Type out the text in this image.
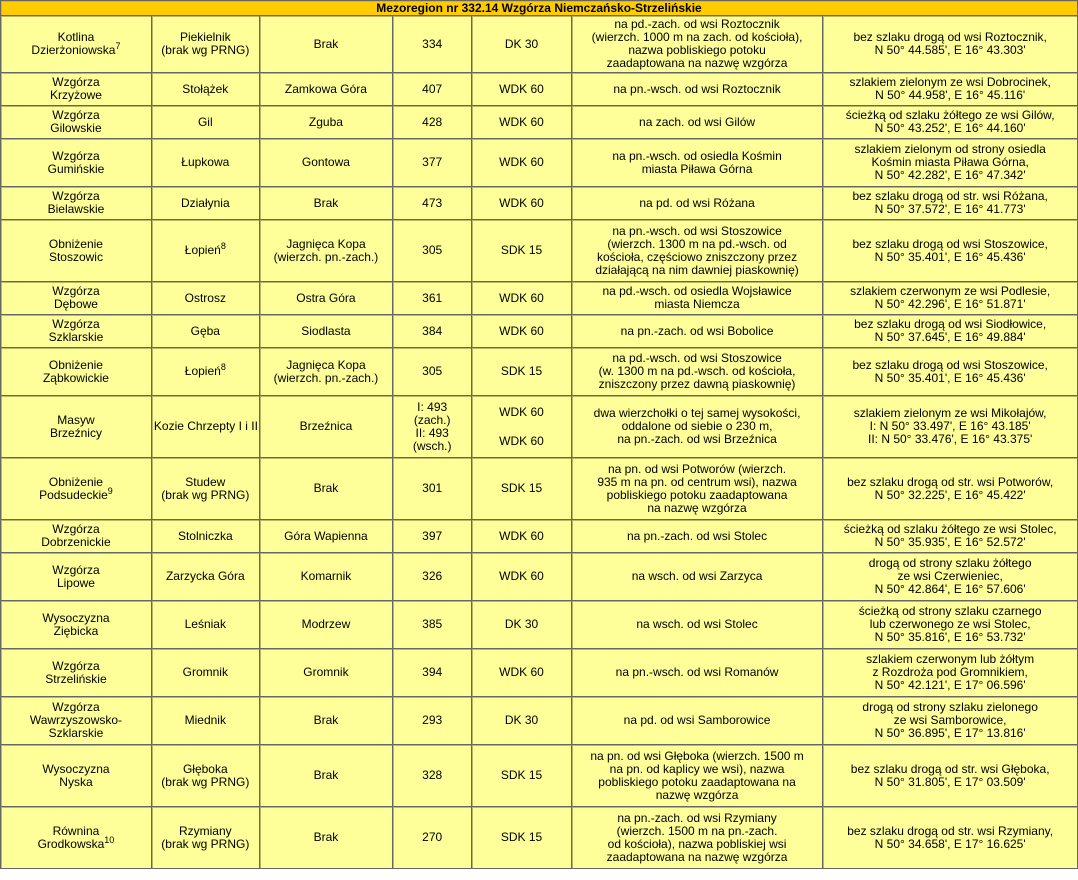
Mezoregion nr 332.14 Wzgórza Niemczańsko-Strzelińskie						

Kotlina
Dzierżoniowska$^7$	Piekielnik
(brak wg PRNG)	Brak	334	DK 30	na pd.-zach. od wsi Roztocznik
(wierzch. 1000 m na zach. od kościoła),
nazwa pobliskiego potoku
zaadaptowana na nazwę wzgórza	bez szlaku drogą od wsi Roztocznik,
N 50° 44.585', E 16° 43.303'

Wzgórza
Krzyżowe	Stołążek	Zamkowa Góra	407	WDK 60	na pn.-wsch. od wsi Roztocznik	szlakiem zielonym ze wsi Dobrocinek,
N 50° 44.958', E 16° 45.116'

Wzgórza
Gilowskie	Gil	Zguba	428	WDK 60	na zach. od wsi Gilów	ścieżką od szlaku żółtego ze wsi Gilów,
N 50° 43.252', E 16° 44.160'

Wzgórza
Gumińskie	Łupkowa	Gontowa	377	WDK 60	na pn.-wsch. od osiedla Kośmin
miasta Piława Górna	szlakiem zielonym od strony osiedla
Kośmin miasta Piława Górna,
N 50° 42.282', E 16° 47.342'

Wzgórza
Bielawskie	Działynia	Brak	473	WDK 60	na pd. od wsi Różana	bez szlaku drogą od str. wsi Różana,
N 50° 37.572', E 16° 41.773'

Obniżenie
Stoszowic	Łopień$^8$	Jagnięca Kopa
(wierzch. pn.-zach.)	305	SDK 15	na pn.-wsch. od wsi Stoszowice
(wierzch. 1300 m na pd.-wsch. od
kościoła, częściowo zniszczony przez
działającą na nim dawniej piaskownię)	bez szlaku drogą od wsi Stoszowice,
N 50° 35.401', E 16° 45.436'

Wzgórza
Dębowe	Ostrosz	Ostra Góra	361	WDK 60	na pd.-wsch. od osiedla Wojsławice
miasta Niemcza	szlakiem czerwonym ze wsi Podlesie,
N 50° 42.296', E 16° 51.871'

Wzgórza
Szklarskie	Gęba	Siodlasta	384	WDK 60	na pn.-zach. od wsi Bobolice	bez szlaku drogą od wsi Siodłowice,
N 50° 37.645', E 16° 49.884'

Obniżenie
Ząbkowickie	Łopień$^8$	Jagnięca Kopa
(wierzch. pn.-zach.)	305	SDK 15	na pd.-wsch. od wsi Stoszowice
(w. 1300 m na pd.-wsch. od kościoła,
zniszczony przez dawną piaskownię)	bez szlaku drogą od wsi Stoszowice,
N 50° 35.401', E 16° 45.436'

Masyw
Brzeźnicy	Kozie Chrzepty I i II	Brzeźnica	I: 493
(zach.)
II: 493
(wsch.)	WDK 60
WDK 60	dwa wierzchołki o tej samej wysokości,
oddalone od siebie o 230 m,
na pn.-zach. od wsi Brzeźnica	szlakiem zielonym ze wsi Mikołajów,
I: N 50° 33.497', E 16° 43.185'
II: N 50° 33.476', E 16° 43.375'

Obniżenie
Podsudeckie$^9$	Studew
(brak wg PRNG)	Brak	301	SDK 15	na pn. od wsi Potworów (wierzch.
935 m na pn. od centrum wsi), nazwa
pobliskiego potoku zaadaptowana
na nazwę wzgórza	bez szlaku drogą od str. wsi Potworów,
N 50° 32.225', E 16° 45.422'

Wzgórza
Dobrzenickie	Stolniczka	Góra Wapienna	397	WDK 60	na pn.-zach. od wsi Stolec	ścieżką od szlaku żółtego ze wsi Stolec,
N 50° 35.935', E 16° 52.572'

Wzgórza
Lipowe	Zarzycka Góra	Komarnik	326	WDK 60	na wsch. od wsi Zarzyca	drogą od strony szlaku żółtego
ze wsi Czerwieniec,
N 50° 42.864', E 16° 57.606'

Wysoczyzna
Ziębicka	Leśniak	Modrzew	385	DK 30	na wsch. od wsi Stolec	ścieżką od strony szlaku czarnego
lub czerwonego ze wsi Stolec,
N 50° 35.816', E 16° 53.732'

Wzgórza
Strzelińskie	Gromnik	Gromnik	394	WDK 60	na pn.-wsch. od wsi Romanów	szlakiem czerwonym lub żółtym
z Rozdroża pod Gromnikiem,
N 50° 42.121', E 17° 06.596'

Wzgórza
Wawrzyszowsko-
Szklarskie	Miednik	Brak	293	DK 30	na pd. od wsi Samborowice	drogą od strony szlaku zielonego
ze wsi Samborowice,
N 50° 36.895', E 17° 13.816'

Wysoczyzna
Nyska	Głęboka
(brak wg PRNG)	Brak	328	SDK 15	na pn. od wsi Głęboka (wierzch. 1500 m
na pn. od kaplicy we wsi), nazwa
pobliskiego potoku zaadaptowana na
nazwę wzgórza	bez szlaku drogą od str. wsi Głęboka,
N 50° 31.805', E 17° 03.509'

Równina
Grodkowska$^{10}$	Rzymiany
(brak wg PRNG)	Brak	270	SDK 15	na pn.-zach. od wsi Rzymiany
(wierzch. 1500 m na pn.-zach.
od kościoła), nazwa pobliskiej wsi
zaadaptowana na nazwę wzgórza	bez szlaku drogą od str. wsi Rzymiany,
N 50° 34.658', E 17° 16.625'
